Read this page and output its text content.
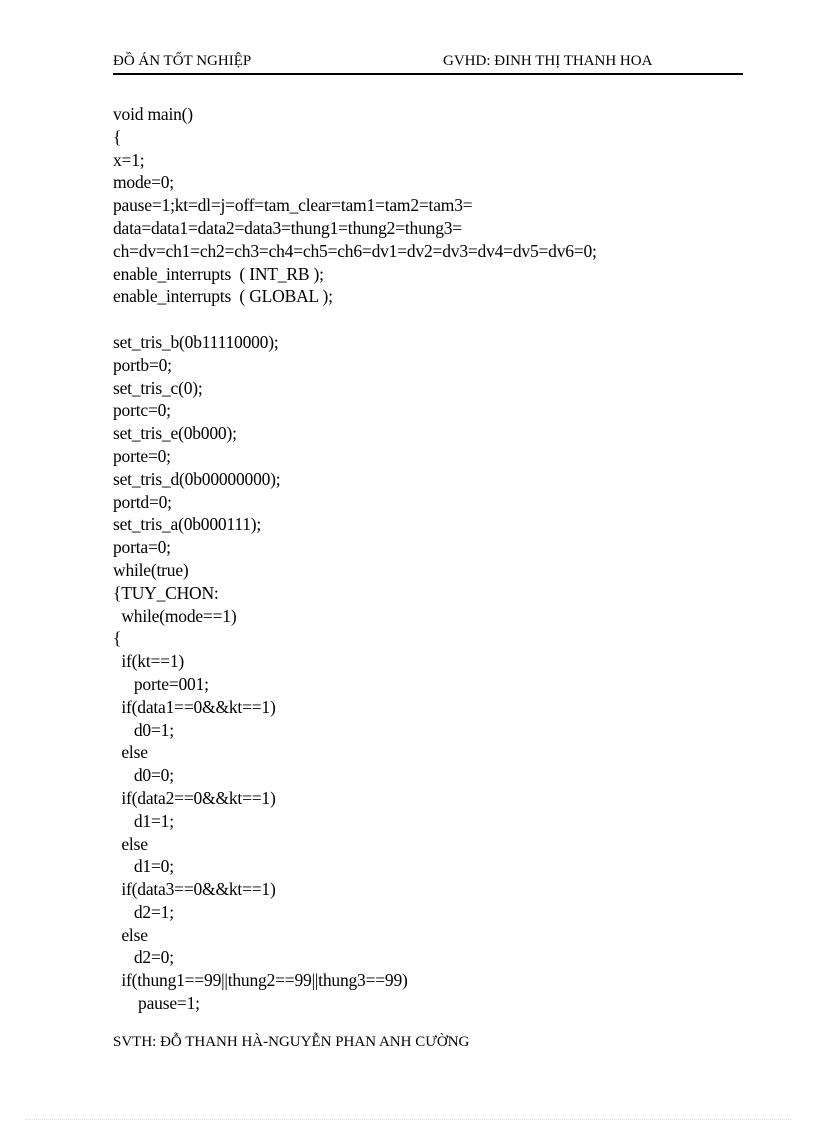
ĐỒ ÁN TỐT NGHIỆP	GVHD: ĐINH THỊ THANH HOA
void main()
{
x=1;
mode=0;
pause=1;kt=dl=j=off=tam_clear=tam1=tam2=tam3=
data=data1=data2=data3=thung1=thung2=thung3=
ch=dv=ch1=ch2=ch3=ch4=ch5=ch6=dv1=dv2=dv3=dv4=dv5=dv6=0;
enable_interrupts  ( INT_RB );
enable_interrupts  ( GLOBAL );
set_tris_b(0b11110000);
portb=0;
set_tris_c(0);
portc=0;
set_tris_e(0b000);
porte=0;
set_tris_d(0b00000000);
portd=0;
set_tris_a(0b000111);
porta=0;
while(true)
{TUY_CHON:
while(mode==1)
{
if(kt==1)
porte=001;
if(data1==0&&kt==1)
d0=1;
else
d0=0;
if(data2==0&&kt==1)
d1=1;
else
d1=0;
if(data3==0&&kt==1)
d2=1;
else
d2=0;
if(thung1==99||thung2==99||thung3==99)
pause=1;
SVTH: ĐỖ THANH HÀ-NGUYỄN PHAN ANH CƯỜNG
